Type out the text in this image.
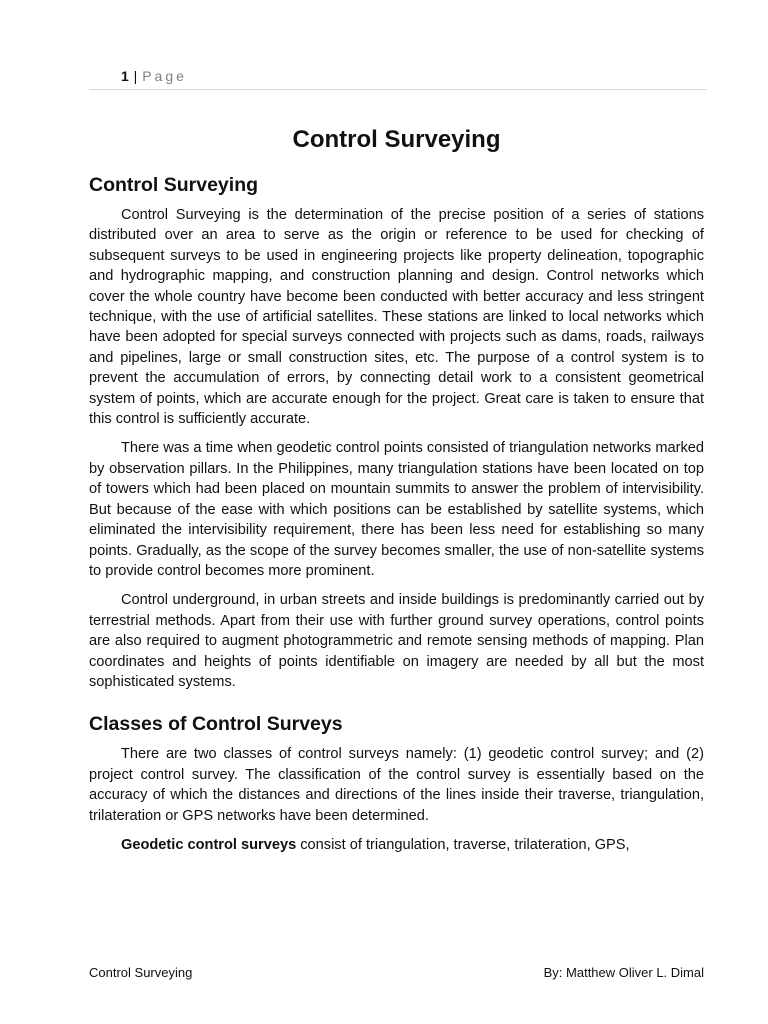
1 | Page
Control Surveying
Control Surveying

Control Surveying is the determination of the precise position of a series of stations distributed over an area to serve as the origin or reference to be used for checking of subsequent surveys to be used in engineering projects like property delineation, topographic and hydrographic mapping, and construction planning and design. Control networks which cover the whole country have become been conducted with better accuracy and less stringent technique, with the use of artificial satellites. These stations are linked to local networks which have been adopted for special surveys connected with projects such as dams, roads, railways and pipelines, large or small construction sites, etc. The purpose of a control system is to prevent the accumulation of errors, by connecting detail work to a consistent geometrical system of points, which are accurate enough for the project. Great care is taken to ensure that this control is sufficiently accurate.

There was a time when geodetic control points consisted of triangulation networks marked by observation pillars. In the Philippines, many triangulation stations have been located on top of towers which had been placed on mountain summits to answer the problem of intervisibility. But because of the ease with which positions can be established by satellite systems, which eliminated the intervisibility requirement, there has been less need for establishing so many points. Gradually, as the scope of the survey becomes smaller, the use of non-satellite systems to provide control becomes more prominent.

Control underground, in urban streets and inside buildings is predominantly carried out by terrestrial methods. Apart from their use with further ground survey operations, control points are also required to augment photogrammetric and remote sensing methods of mapping. Plan coordinates and heights of points identifiable on imagery are needed by all but the most sophisticated systems.

Classes of Control Surveys

There are two classes of control surveys namely: (1) geodetic control survey; and (2) project control survey. The classification of the control survey is essentially based on the accuracy of which the distances and directions of the lines inside their traverse, triangulation, trilateration or GPS networks have been determined.

Geodetic control surveys consist of triangulation, traverse, trilateration, GPS,

Control Surveying	By: Matthew Oliver L. Dimal
